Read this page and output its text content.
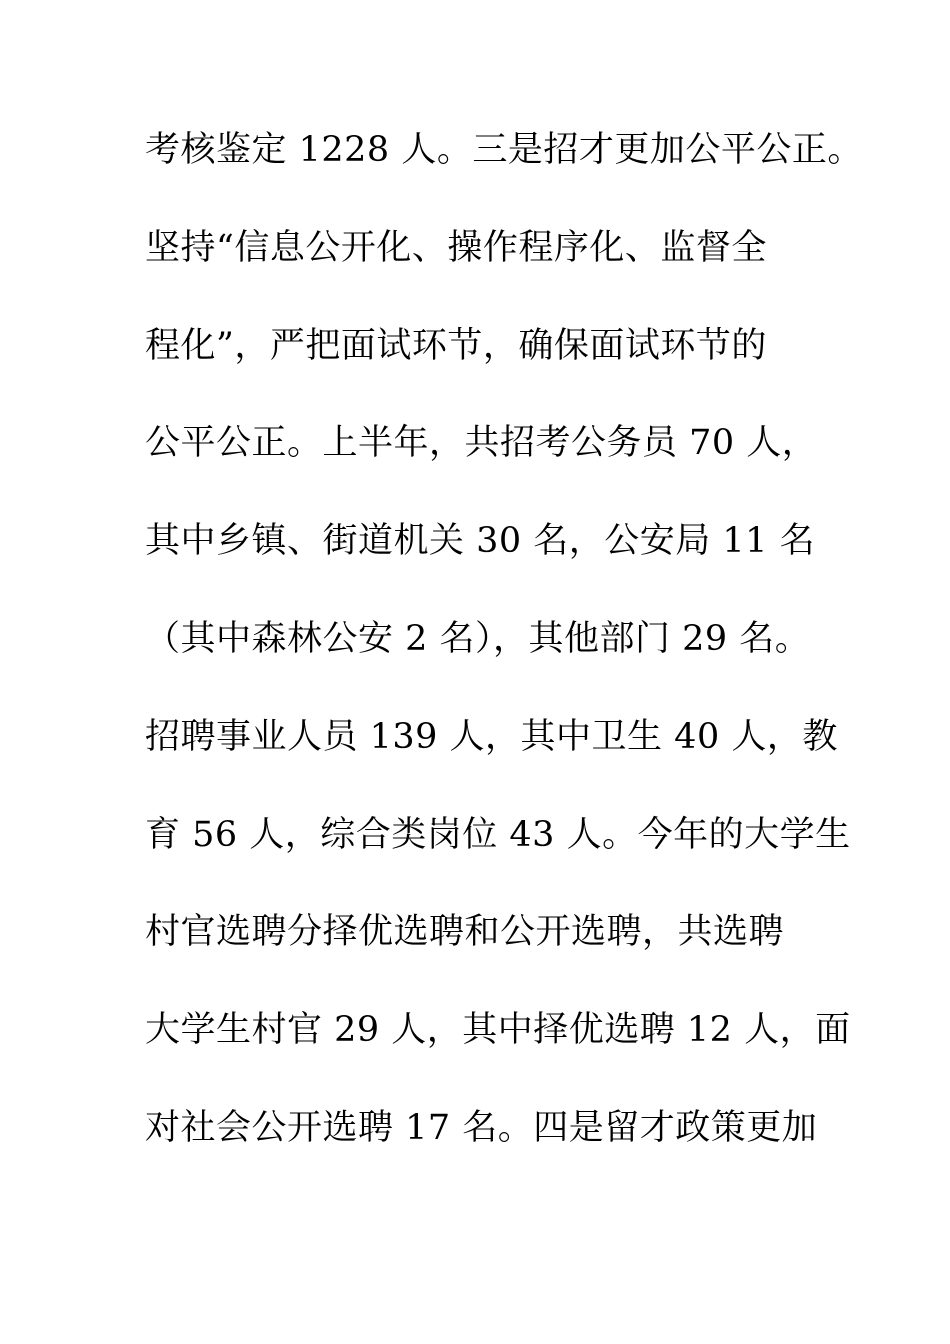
考核鉴定 1228 人。三是招才更加公平公正。
坚持“信息公开化、操作程序化、监督全
程化”，严把面试环节，确保面试环节的
公平公正。上半年，共招考公务员 70 人，
其中乡镇、街道机关 30 名，公安局 11 名
（其中森林公安 2 名），其他部门 29 名。
招聘事业人员 139 人，其中卫生 40 人，教
育 56 人，综合类岗位 43 人。今年的大学生
村官选聘分择优选聘和公开选聘，共选聘
大学生村官 29 人，其中择优选聘 12 人，面
对社会公开选聘 17 名。四是留才政策更加
